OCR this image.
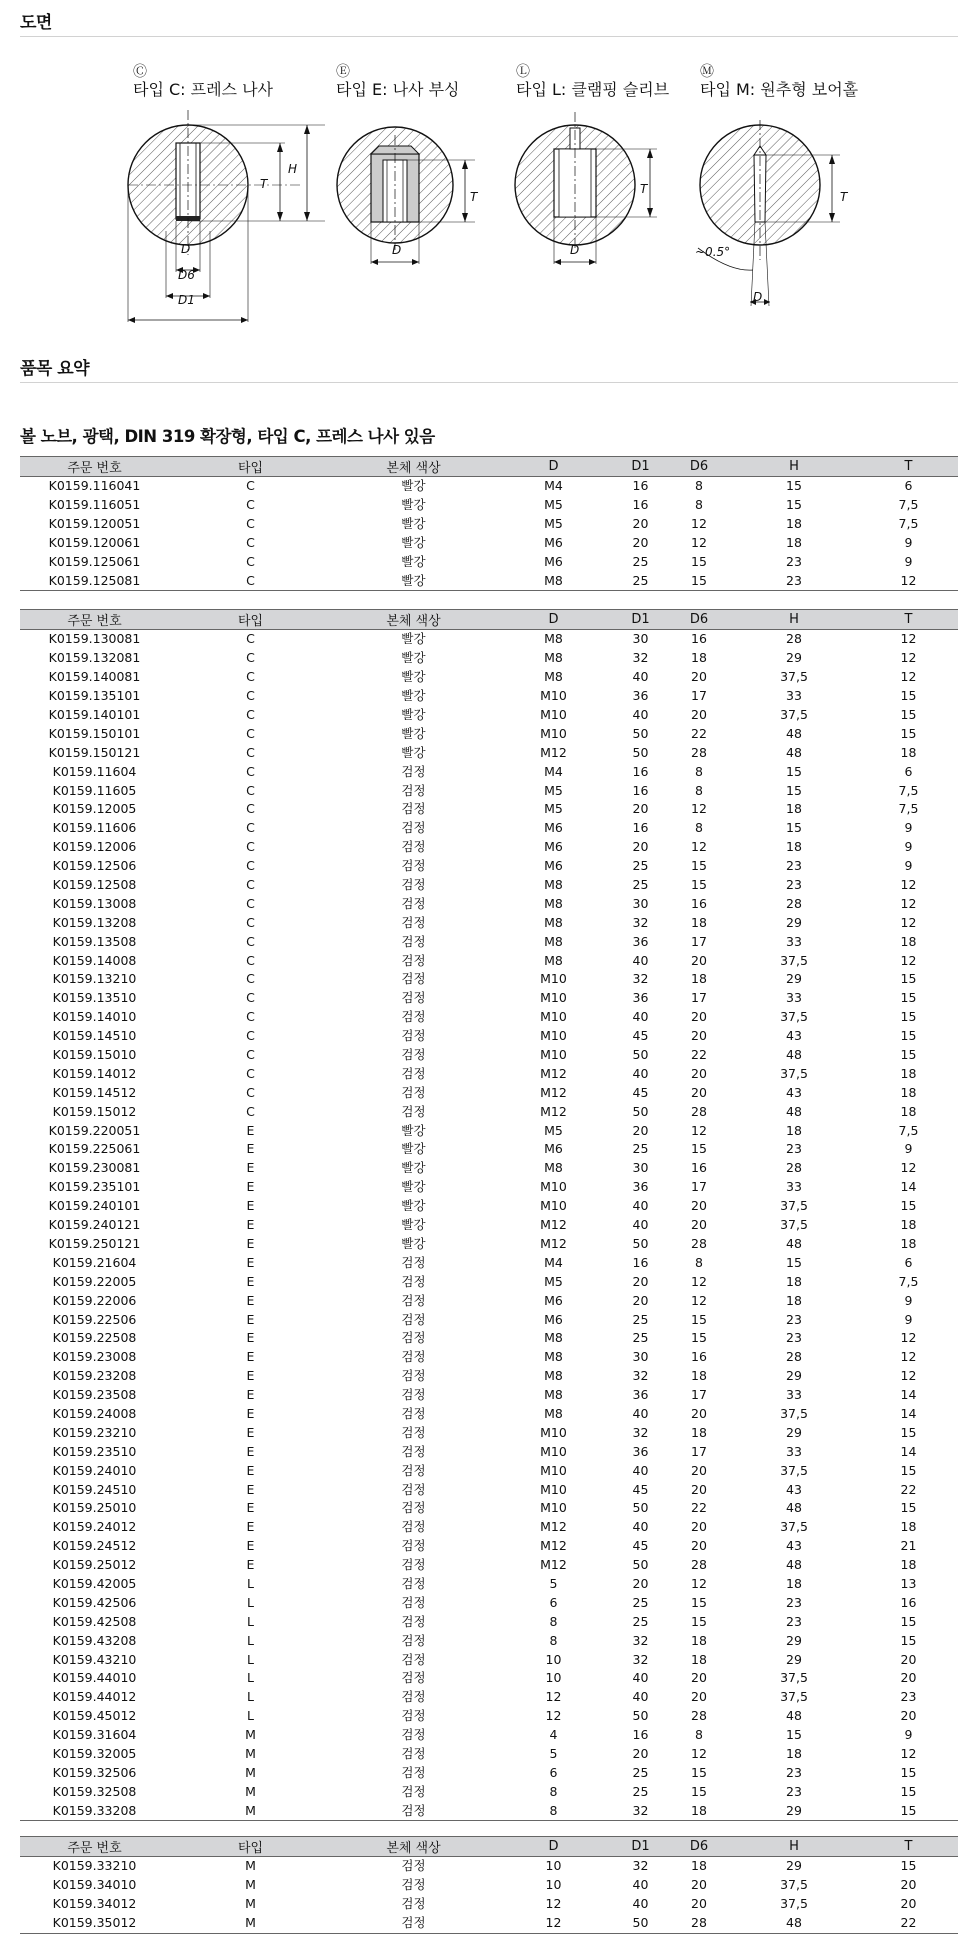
도면
Ⓒ
타입 C: 프레스 나사
D
D6
D1
T
H
Ⓔ
타입 E: 나사 부싱
D
T
Ⓛ
타입 L: 클램핑 슬리브
D
T
Ⓜ
타입 M: 원추형 보어홀
~0.5°
D
T
품목 요약
볼 노브, 광택, DIN 319 확장형, 타입 C, 프레스 나사 있음
주문 번호	타입	본체 색상	D	D1	D6	H	T
K0159.116041	C	빨강	M4	16	8	15	6
K0159.116051	C	빨강	M5	16	8	15	7,5
K0159.120051	C	빨강	M5	20	12	18	7,5
K0159.120061	C	빨강	M6	20	12	18	9
K0159.125061	C	빨강	M6	25	15	23	9
K0159.125081	C	빨강	M8	25	15	23	12
주문 번호	타입	본체 색상	D	D1	D6	H	T
K0159.130081	C	빨강	M8	30	16	28	12
K0159.132081	C	빨강	M8	32	18	29	12
K0159.140081	C	빨강	M8	40	20	37,5	12
K0159.135101	C	빨강	M10	36	17	33	15
K0159.140101	C	빨강	M10	40	20	37,5	15
K0159.150101	C	빨강	M10	50	22	48	15
K0159.150121	C	빨강	M12	50	28	48	18
K0159.11604	C	검정	M4	16	8	15	6
K0159.11605	C	검정	M5	16	8	15	7,5
K0159.12005	C	검정	M5	20	12	18	7,5
K0159.11606	C	검정	M6	16	8	15	9
K0159.12006	C	검정	M6	20	12	18	9
K0159.12506	C	검정	M6	25	15	23	9
K0159.12508	C	검정	M8	25	15	23	12
K0159.13008	C	검정	M8	30	16	28	12
K0159.13208	C	검정	M8	32	18	29	12
K0159.13508	C	검정	M8	36	17	33	18
K0159.14008	C	검정	M8	40	20	37,5	12
K0159.13210	C	검정	M10	32	18	29	15
K0159.13510	C	검정	M10	36	17	33	15
K0159.14010	C	검정	M10	40	20	37,5	15
K0159.14510	C	검정	M10	45	20	43	15
K0159.15010	C	검정	M10	50	22	48	15
K0159.14012	C	검정	M12	40	20	37,5	18
K0159.14512	C	검정	M12	45	20	43	18
K0159.15012	C	검정	M12	50	28	48	18
K0159.220051	E	빨강	M5	20	12	18	7,5
K0159.225061	E	빨강	M6	25	15	23	9
K0159.230081	E	빨강	M8	30	16	28	12
K0159.235101	E	빨강	M10	36	17	33	14
K0159.240101	E	빨강	M10	40	20	37,5	15
K0159.240121	E	빨강	M12	40	20	37,5	18
K0159.250121	E	빨강	M12	50	28	48	18
K0159.21604	E	검정	M4	16	8	15	6
K0159.22005	E	검정	M5	20	12	18	7,5
K0159.22006	E	검정	M6	20	12	18	9
K0159.22506	E	검정	M6	25	15	23	9
K0159.22508	E	검정	M8	25	15	23	12
K0159.23008	E	검정	M8	30	16	28	12
K0159.23208	E	검정	M8	32	18	29	12
K0159.23508	E	검정	M8	36	17	33	14
K0159.24008	E	검정	M8	40	20	37,5	14
K0159.23210	E	검정	M10	32	18	29	15
K0159.23510	E	검정	M10	36	17	33	14
K0159.24010	E	검정	M10	40	20	37,5	15
K0159.24510	E	검정	M10	45	20	43	22
K0159.25010	E	검정	M10	50	22	48	15
K0159.24012	E	검정	M12	40	20	37,5	18
K0159.24512	E	검정	M12	45	20	43	21
K0159.25012	E	검정	M12	50	28	48	18
K0159.42005	L	검정	5	20	12	18	13
K0159.42506	L	검정	6	25	15	23	16
K0159.42508	L	검정	8	25	15	23	15
K0159.43208	L	검정	8	32	18	29	15
K0159.43210	L	검정	10	32	18	29	20
K0159.44010	L	검정	10	40	20	37,5	20
K0159.44012	L	검정	12	40	20	37,5	23
K0159.45012	L	검정	12	50	28	48	20
K0159.31604	M	검정	4	16	8	15	9
K0159.32005	M	검정	5	20	12	18	12
K0159.32506	M	검정	6	25	15	23	15
K0159.32508	M	검정	8	25	15	23	15
K0159.33208	M	검정	8	32	18	29	15
주문 번호	타입	본체 색상	D	D1	D6	H	T
K0159.33210	M	검정	10	32	18	29	15
K0159.34010	M	검정	10	40	20	37,5	20
K0159.34012	M	검정	12	40	20	37,5	20
K0159.35012	M	검정	12	50	28	48	22
